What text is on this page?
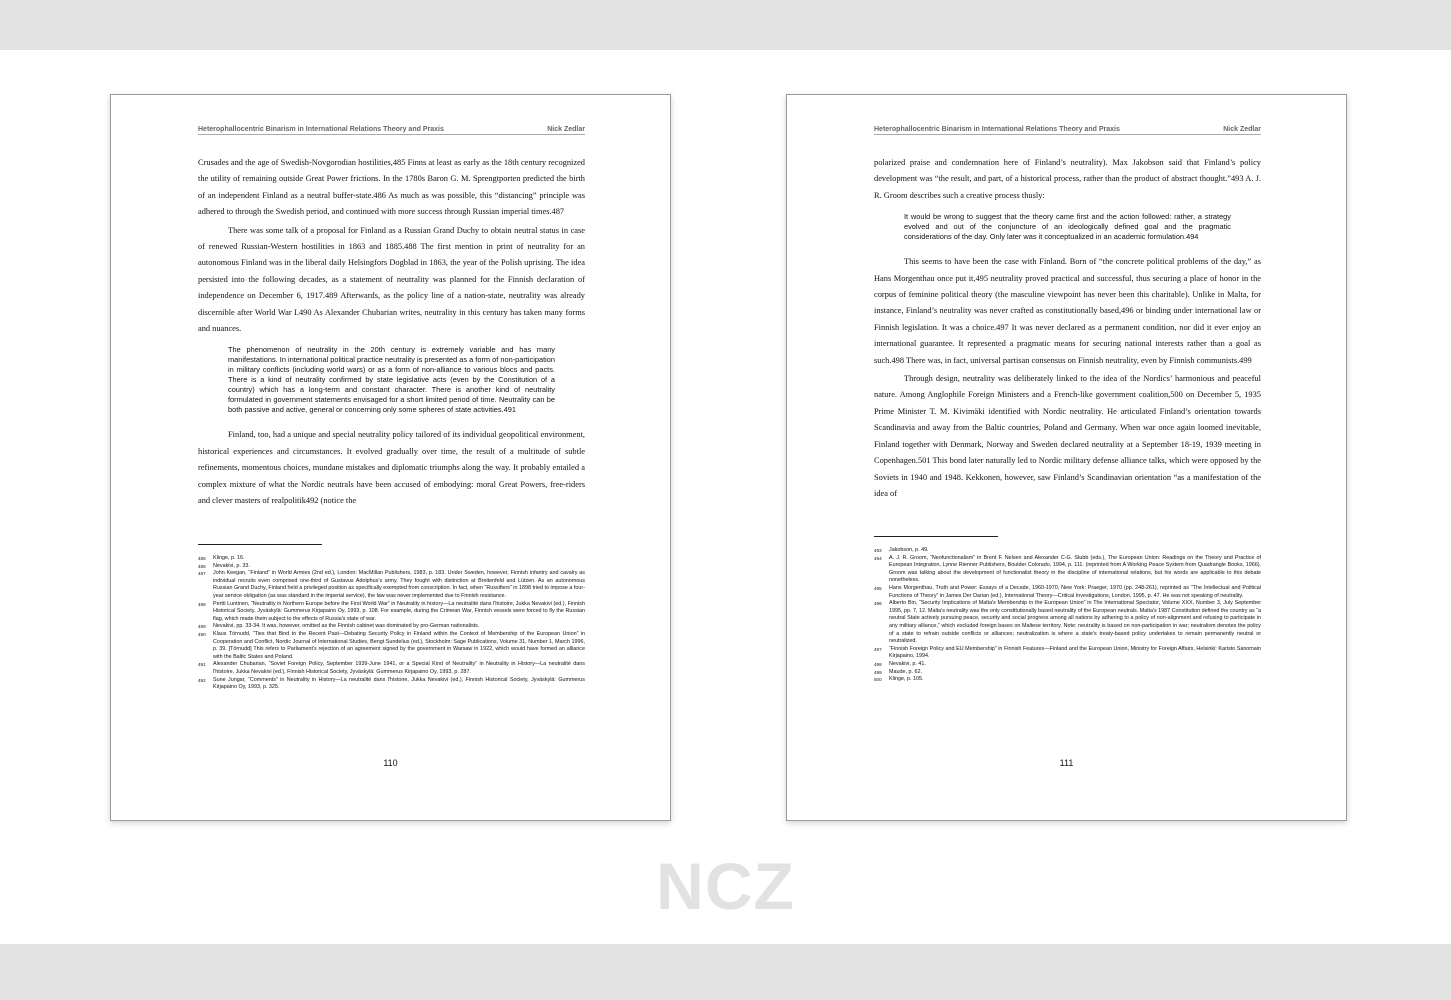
NCZ
Heterophallocentric Binarism in International Relations Theory and Praxis	Nick Zedlar

Crusades and the age of Swedish-Novgorodian hostilities,485 Finns at least as early as the 18th century recognized the utility of remaining outside Great Power frictions. In the 1780s Baron G. M. Sprengtporten predicted the birth of an independent Finland as a neutral buffer-state.486 As much as was possible, this “distancing” principle was adhered to through the Swedish period, and continued with more success through Russian imperial times.487

There was some talk of a proposal for Finland as a Russian Grand Duchy to obtain neutral status in case of renewed Russian-Western hostilities in 1863 and 1885.488 The first mention in print of neutrality for an autonomous Finland was in the liberal daily Helsingfors Dogblad in 1863, the year of the Polish uprising. The idea persisted into the following decades, as a statement of neutrality was planned for the Finnish declaration of independence on December 6, 1917.489 Afterwards, as the policy line of a nation-state, neutrality was already discernible after World War I.490 As Alexander Chubarian writes, neutrality in this century has taken many forms and nuances.

The phenomenon of neutrality in the 20th century is extremely variable and has many manifestations. In international political practice neutrality is presented as a form of non-participation in military conflicts (including world wars) or as a form of non-alliance to various blocs and pacts. There is a kind of neutrality confirmed by state legislative acts (even by the Constitution of a country) which has a long-term and constant character. There is another kind of neutrality formulated in government statements envisaged for a short limited period of time. Neutrality can be both passive and active, general or concerning only some spheres of state activities.491

Finland, too, had a unique and special neutrality policy tailored of its individual geopolitical environment, historical experiences and circumstances. It evolved gradually over time, the result of a multitude of subtle refinements, momentous choices, mundane mistakes and diplomatic triumphs along the way. It probably entailed a complex mixture of what the Nordic neutrals have been accused of embodying: moral Great Powers, free-riders and clever masters of realpolitik492 (notice the

485	Klinge, p. 16.
486	Nevakivi, p. 33.
487	John Keegan, “Finland” in World Armies (2nd ed.), London: MacMillan Publishers, 1983, p. 183. Under Sweden, however, Finnish infantry and cavalry as individual recruits even comprised one-third of Gustavus Adolphus’s army. They fought with distinction at Breitenfeld and Lützen. As an autonomous Russian Grand Duchy, Finland held a privileged position as specifically exempted from conscription. In fact, when “Russifiers” in 1898 tried to impose a four-year service obligation (as was standard in the imperial service), the law was never implemented due to Finnish resistance.
488	Pertti Luntinen, “Neutrality in Northern Europe before the First World War” in Neutrality in history—La neutralité dans l'histoire, Jukka Nevakivi (ed.), Finnish Historical Society, Jyväskylä: Gummerus Kirjapaino Oy, 1993, p. 108. For example, during the Crimean War, Finnish vessels were forced to fly the Russian flag, which made them subject to the effects of Russia's state of war.
489	Nevakivi, pp. 33-34. It was, however, omitted as the Finnish cabinet was dominated by pro-German nationalists.
490	Klaus Törnudd, “Ties that Bind to the Recent Past—Debating Security Policy in Finland within the Context of Membership of the European Union” in Cooperation and Conflict, Nordic Journal of International Studies, Bengt Sundelius (ed.), Stockholm: Sage Publications, Volume 31, Number 1, March 1996, p. 39. [Törnudd] This refers to Parliament's rejection of an agreement signed by the government in Warsaw in 1922, which would have formed an alliance with the Baltic States and Poland.
491	Alexander Chubarian, “Soviet Foreign Policy, September 1939-June 1941, or a Special Kind of Neutrality” in Neutrality in History—La neutralité dans l'histoire, Jukka Nevakivi (ed.), Finnish Historical Society, Jyväskylä: Gummerus Kirjapaino Oy, 1993, p. 287.
492	Sune Jungar, “Comments” in Neutrality in History—La neutralité dans l'histoire, Jukka Nevakivi (ed.), Finnish Historical Society, Jyväskylä: Gummerus Kirjapaino Oy, 1993, p. 325.
110
Heterophallocentric Binarism in International Relations Theory and Praxis	Nick Zedlar

polarized praise and condemnation here of Finland’s neutrality). Max Jakobson said that Finland’s policy development was “the result, and part, of a historical process, rather than the product of abstract thought.”493 A. J. R. Groom describes such a creative process thusly:

It would be wrong to suggest that the theory came first and the action followed: rather, a strategy evolved and out of the conjuncture of an ideologically defined goal and the pragmatic considerations of the day. Only later was it conceptualized in an academic formulation.494

This seems to have been the case with Finland. Born of “the concrete political problems of the day,” as Hans Morgenthau once put it,495 neutrality proved practical and successful, thus securing a place of honor in the corpus of feminine political theory (the masculine viewpoint has never been this charitable). Unlike in Malta, for instance, Finland’s neutrality was never crafted as constitutionally based,496 or binding under international law or Finnish legislation. It was a choice.497 It was never declared as a permanent condition, nor did it ever enjoy an international guarantee. It represented a pragmatic means for securing national interests rather than a goal as such.498 There was, in fact, universal partisan consensus on Finnish neutrality, even by Finnish communists.499

Through design, neutrality was deliberately linked to the idea of the Nordics’ harmonious and peaceful nature. Among Anglophile Foreign Ministers and a French-like government coalition,500 on December 5, 1935 Prime Minister T. M. Kivimäki identified with Nordic neutrality. He articulated Finland’s orientation towards Scandinavia and away from the Baltic countries, Poland and Germany. When war once again loomed inevitable, Finland together with Denmark, Norway and Sweden declared neutrality at a September 18-19, 1939 meeting in Copenhagen.501 This bond later naturally led to Nordic military defense alliance talks, which were opposed by the Soviets in 1940 and 1948. Kekkonen, however, saw Finland’s Scandinavian orientation “as a manifestation of the idea of

493	Jakobson, p. 49.
494	A. J. R. Groom, “Neofunctionalism” in Brent F. Nelsen and Alexander C-G. Stubb (eds.), The European Union: Readings on the Theory and Practice of European Integration, Lynne Rienner Publishers, Boulder Colorado, 1994, p. 111. (reprinted from A Working Peace System from Quadrangle Books, 1966). Groom was talking about the development of functionalist theory in the discipline of international relations, but his words are applicable to this debate nonetheless.
495	Hans Morgenthau, Truth and Power: Essays of a Decade, 1960-1970, New York: Praeger, 1970 (pp. 248-261), reprinted as “The Intellectual and Political Functions of Theory” in James Der Darian (ed.), International Theory—Critical Investigations, London, 1995, p. 47. He was not speaking of neutrality.
496	Alberto Bin, “Security Implications of Malta's Membership in the European Union” in The International Spectator, Volume XXX, Number 3, July September 1995, pp. 7, 12. Malta's neutrality was the only constitutionally based neutrality of the European neutrals. Malta's 1987 Constitution defined the country as “a neutral State actively pursuing peace, security and social progress among all nations by adhering to a policy of non-alignment and refusing to participate in any military alliance,” which excluded foreign bases on Maltese territory. Note: neutrality is based on non-participation in war; neutralism denotes the policy of a state to refrain outside conflicts or alliances; neutralization is where a state's treaty-based policy undertakes to remain permanently neutral or neutralized.
497	“Finnish Foreign Policy and EU Membership” in Finnish Features—Finland and the European Union, Ministry for Foreign Affairs, Helsinki: Karisto Sanomain Kirjapaino, 1994.
498	Nevakivi, p. 41.
499	Maude, p. 62.
500	Klinge, p. 105.
111
